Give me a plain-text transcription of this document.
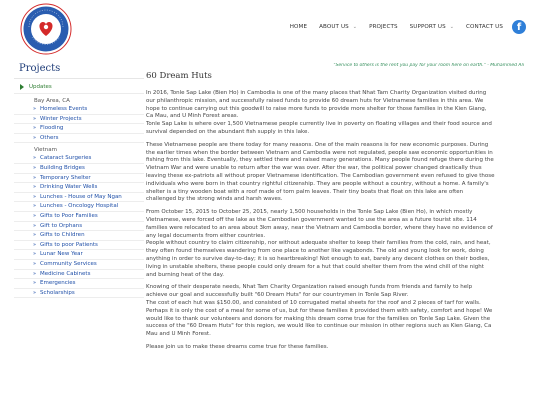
HOME ABOUT US ⌄ PROJECTS SUPPORT US ⌄ CONTACT US	f
Projects
Updates
Bay Area, CA
» Homeless Events
» Winter Projects
» Flooding
» Others
Vietnam
» Cataract Surgeries
» Building Bridges
» Temporary Shelter
» Drinking Water Wells
» Lunches - House of May Ngan
» Lunches - Oncology Hospital
» Gifts to Poor Families
» Gift to Orphans
» Gifts to Children
» Gifts to poor Patients
» Lunar New Year
» Community Services
» Medicine Cabinets
» Emergencies
» Scholarships
"Service to others is the rent you pay for your room here on earth." - Muhammed Ali
60 Dream Huts
In 2016, Tonle Sap Lake (Bien Ho) in Cambodia is one of the many places that Nhat Tam Charity Organization visited during
our philanthropic mission, and successfully raised funds to provide 60 dream huts for Vietnamese families in this area. We
hope to continue carrying out this goodwill to raise more funds to provide more shelter for those families in the Kien Giang,
Ca Mau, and U Minh Forest areas.
Tonle Sap Lake is where over 1,500 Vietnamese people currently live in poverty on floating villages and their food source and
survival depended on the abundant fish supply in this lake.
These Vietnamese people are there today for many reasons. One of the main reasons is for new economic purposes. During
the earlier times when the border between Vietnam and Cambodia were not regulated, people saw economic opportunities in
fishing from this lake. Eventually, they settled there and raised many generations. Many people found refuge there during the
Vietnam War and were unable to return after the war was over. After the war, the political power changed drastically thus
leaving these ex-patriots all without proper Vietnamese identification. The Cambodian government even refused to give those
individuals who were born in that country rightful citizenship. They are people without a country, without a home. A family's
shelter is a tiny wooden boat with a roof made of torn palm leaves. Their tiny boats that float on this lake are often
challenged by the strong winds and harsh waves.
From October 15, 2015 to October 25, 2015, nearly 1,500 households in the Tonle Sap Lake (Bien Ho), in which mostly
Vietnamese, were forced off the lake as the Cambodian government wanted to use the area as a future tourist site. 114
families were relocated to an area about 3km away, near the Vietnam and Cambodia border, where they have no evidence of
any legal documents from either countries.
People without country to claim citizenship, nor without adequate shelter to keep their families from the cold, rain, and heat,
they often found themselves wandering from one place to another like vagabonds. The old and young look for work, doing
anything in order to survive day-to-day; it is so heartbreaking! Not enough to eat, barely any decent clothes on their bodies,
living in unstable shelters, these people could only dream for a hut that could shelter them from the wind chill of the night
and burning heat of the day.
Knowing of their desperate needs, Nhat Tam Charity Organization raised enough funds from friends and family to help
achieve our goal and successfully built "60 Dream Huts" for our countrymen in Tonle Sap River.
The cost of each hut was $150.00, and consisted of 10 corrugated metal sheets for the roof and 2 pieces of tarf for walls.
Perhaps it is only the cost of a meal for some of us, but for these families it provided them with safety, comfort and hope! We
would like to thank our volunteers and donors for making this dream come true for the families on Tonle Sap Lake. Given the
success of the "60 Dream Huts" for this region, we would like to continue our mission in other regions such as Kien Giang, Ca
Mau and U Minh Forest.
Please join us to make these dreams come true for these families.
